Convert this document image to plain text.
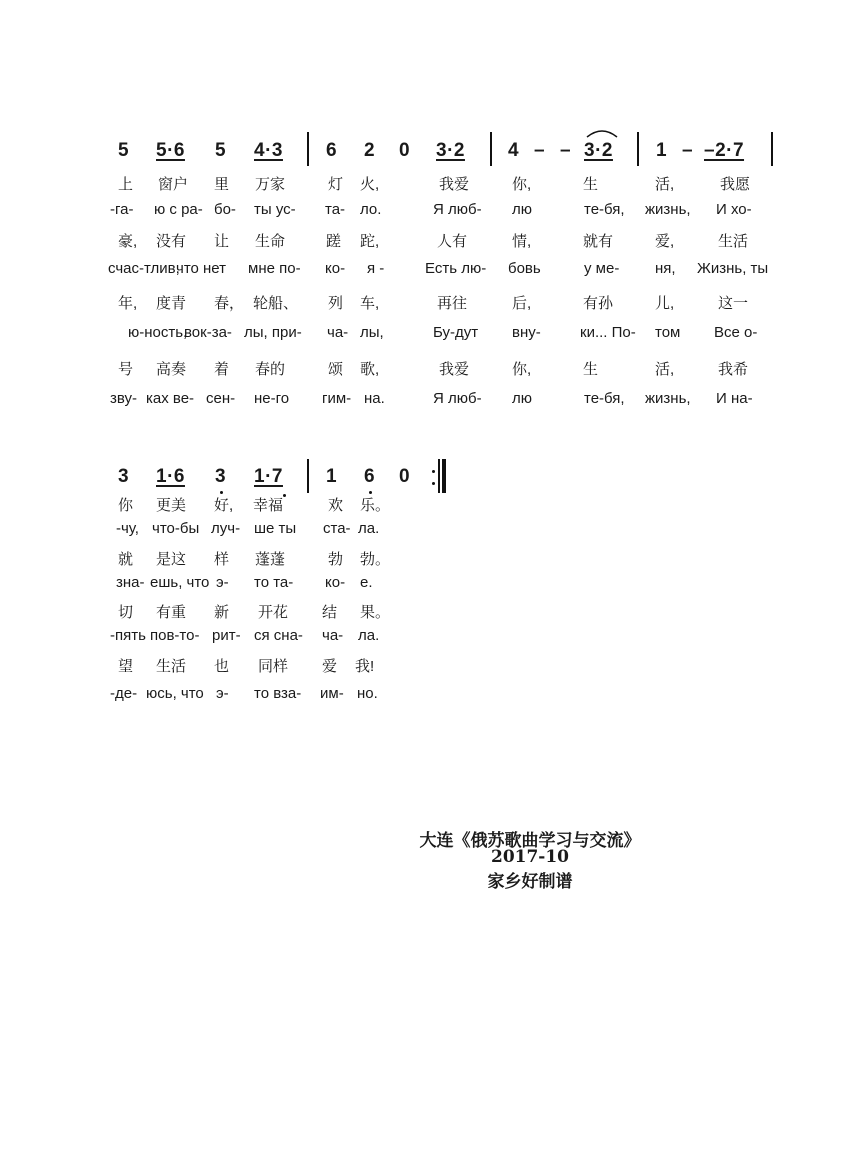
5 5·6 5 4·3 6 2 0 3·2 4 – – 3·2 1 – –2·7
上 窗户 里 万家	灯 火,	我爱	你,	生	活,	我愿
-га- ю с ра- бо- ты ус- та- ло.	Я люб- лю	те-бя, жизнь, И хо-
豪, 没有 让 生命	蹉 跎,	人有	情,	就有	爱,	生活
счас-тлив,
что нет мне по- ко- я -	Есть лю- бовь	у ме- ня, Жизнь, ты
年, 度青 春， 轮船、 列 车,	再往	后,	有孙	儿,	这一
ю-ность,
вок-за- лы, при- ча- лы,	Бу-дут вну-	ки... По- том Все о-
号 高奏 着 春的	颂 歌,	我爱	你,	生	活,	我希
зву- ках ве- сен- не-го гим- на.	Я люб- лю	те-бя, жизнь, И на-
3 1·6 3 1·7 1 6 0
你 更美 好, 幸福	欢 乐。
-чу, что-бы луч- ше ты ста- ла.
就 是这 样 蓬蓬	勃 勃。
зна- ешь, что э- то та- ко- е.
切 有重 新 开花 结 果。
-пять пов-то- рит- ся сна- ча- ла.
望 生活 也 同样 爱 我!
-де- юсь, что э- то вза- им- но.
大连《俄苏歌曲学习与交流》
2017-10
家乡好制谱
